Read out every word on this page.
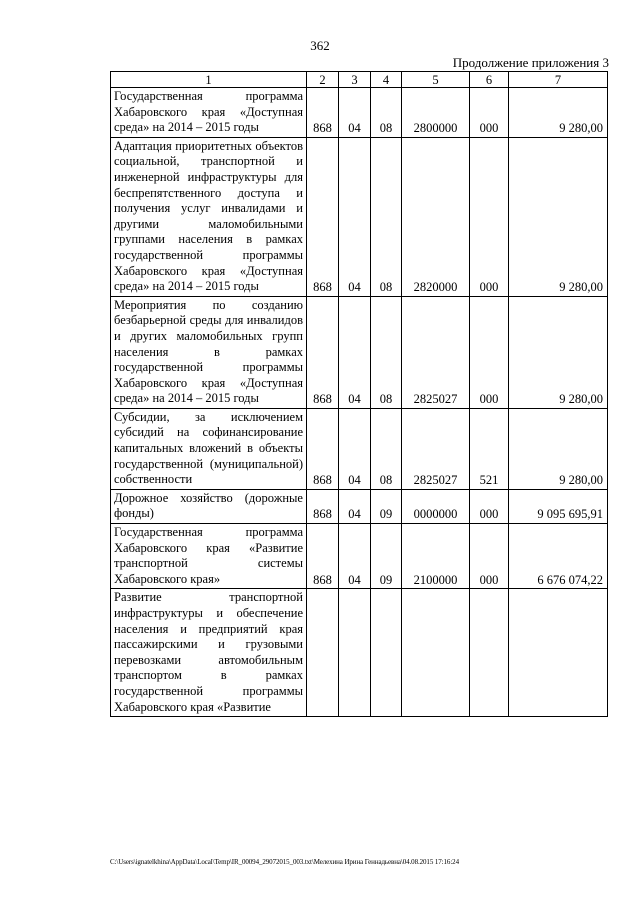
362
Продолжение приложения 3
1	2	3	4	5	6	7
Государственная программа Хабаровского края «Доступная среда» на 2014 – 2015 годы	868	04	08	2800000	000	9 280,00
Адаптация приоритетных объектов социальной, транспортной и инженерной инфраструктуры для беспрепятственного доступа и получения услуг инвалидами и другими маломобильными группами населения в рамках государственной программы Хабаровского края «Доступная среда» на 2014 – 2015 годы	868	04	08	2820000	000	9 280,00
Мероприятия по созданию безбарьерной среды для инвалидов и других маломобильных групп населения в рамках государственной программы Хабаровского края «Доступная среда» на 2014 – 2015 годы	868	04	08	2825027	000	9 280,00
Субсидии, за исключением субсидий на софинансирование капитальных вложений в объекты государственной (муниципальной) собственности	868	04	08	2825027	521	9 280,00
Дорожное хозяйство (дорожные фонды)	868	04	09	0000000	000	9 095 695,91
Государственная программа Хабаровского края «Развитие транспортной системы Хабаровского края»	868	04	09	2100000	000	6 676 074,22
Развитие транспортной инфраструктуры и обеспечение населения и предприятий края пассажирскими и грузовыми перевозками автомобильным транспортом в рамках государственной программы Хабаровского края «Развитие						
C:\Users\ignatelkhina\AppData\Local\Temp\IR_00094_29072015_003.txt\Мелехина Ирина Геннадьевна\04.08.2015 17:16:24
